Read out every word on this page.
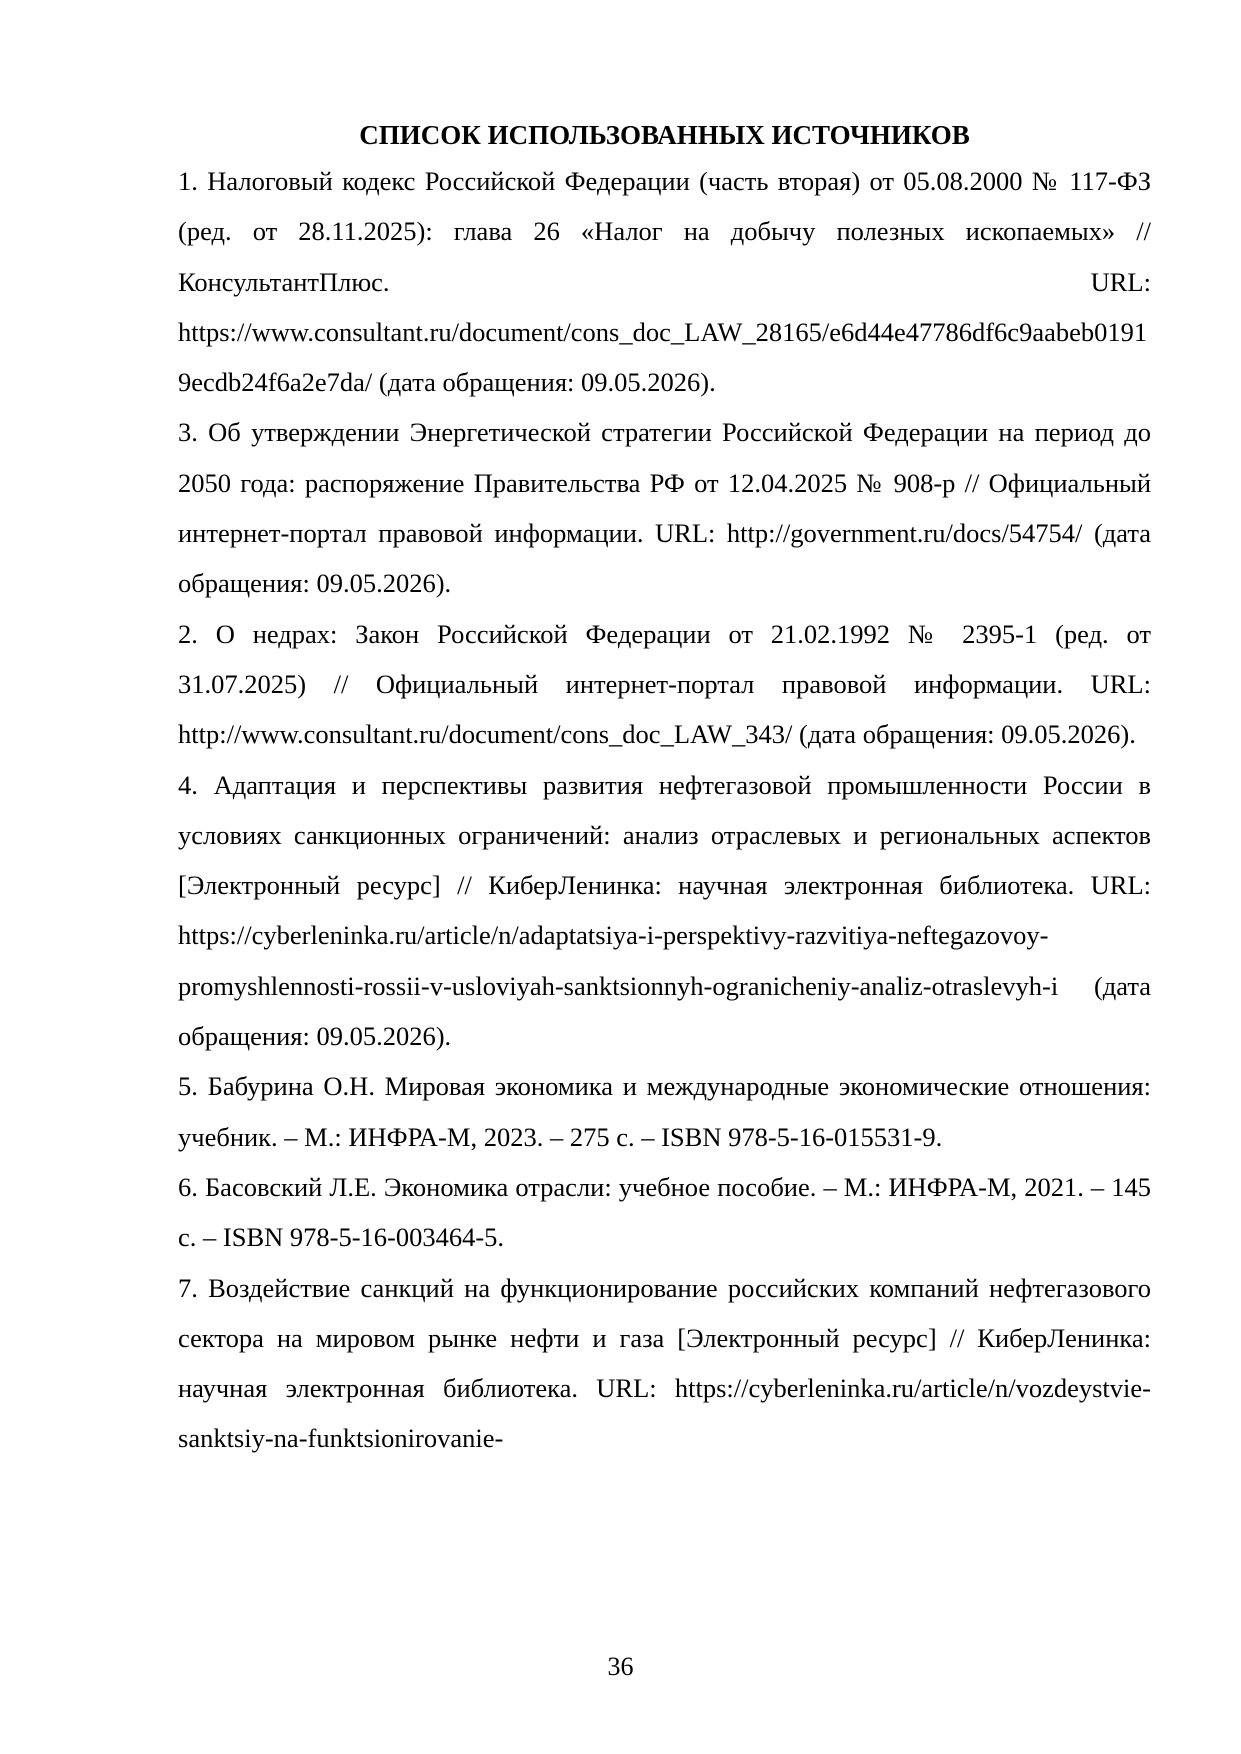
СПИСОК ИСПОЛЬЗОВАННЫХ ИСТОЧНИКОВ
1. Налоговый кодекс Российской Федерации (часть вторая) от 05.08.2000 № 117-ФЗ (ред. от 28.11.2025): глава 26 «Налог на добычу полезных ископаемых» // КонсультантПлюс. URL: https://www.consultant.ru/document/cons_doc_LAW_28165/e6d44e47786df6c9aabeb01919ecdb24f6a2e7da/ (дата обращения: 09.05.2026).
3. Об утверждении Энергетической стратегии Российской Федерации на период до 2050 года: распоряжение Правительства РФ от 12.04.2025 № 908-р // Официальный интернет-портал правовой информации. URL: http://government.ru/docs/54754/ (дата обращения: 09.05.2026).
2. О недрах: Закон Российской Федерации от 21.02.1992 № 2395-1 (ред. от 31.07.2025) // Официальный интернет-портал правовой информации. URL: http://www.consultant.ru/document/cons_doc_LAW_343/ (дата обращения: 09.05.2026).
4. Адаптация и перспективы развития нефтегазовой промышленности России в условиях санкционных ограничений: анализ отраслевых и региональных аспектов [Электронный ресурс] // КиберЛенинка: научная электронная библиотека. URL: https://cyberleninka.ru/article/n/adaptatsiya-i-perspektivy-razvitiya-neftegazovoy-promyshlennosti-rossii-v-usloviyah-sanktsionnyh-ogranicheniy-analiz-otraslevyh-i (дата обращения: 09.05.2026).
5. Бабурина О.Н. Мировая экономика и международные экономические отношения: учебник. – М.: ИНФРА-М, 2023. – 275 с. – ISBN 978-5-16-015531-9.
6. Басовский Л.Е. Экономика отрасли: учебное пособие. – М.: ИНФРА-М, 2021. – 145 с. – ISBN 978-5-16-003464-5.
7. Воздействие санкций на функционирование российских компаний нефтегазового сектора на мировом рынке нефти и газа [Электронный ресурс] // КиберЛенинка: научная электронная библиотека. URL: https://cyberleninka.ru/article/n/vozdeystvie-sanktsiy-na-funktsionirovanie-
36
